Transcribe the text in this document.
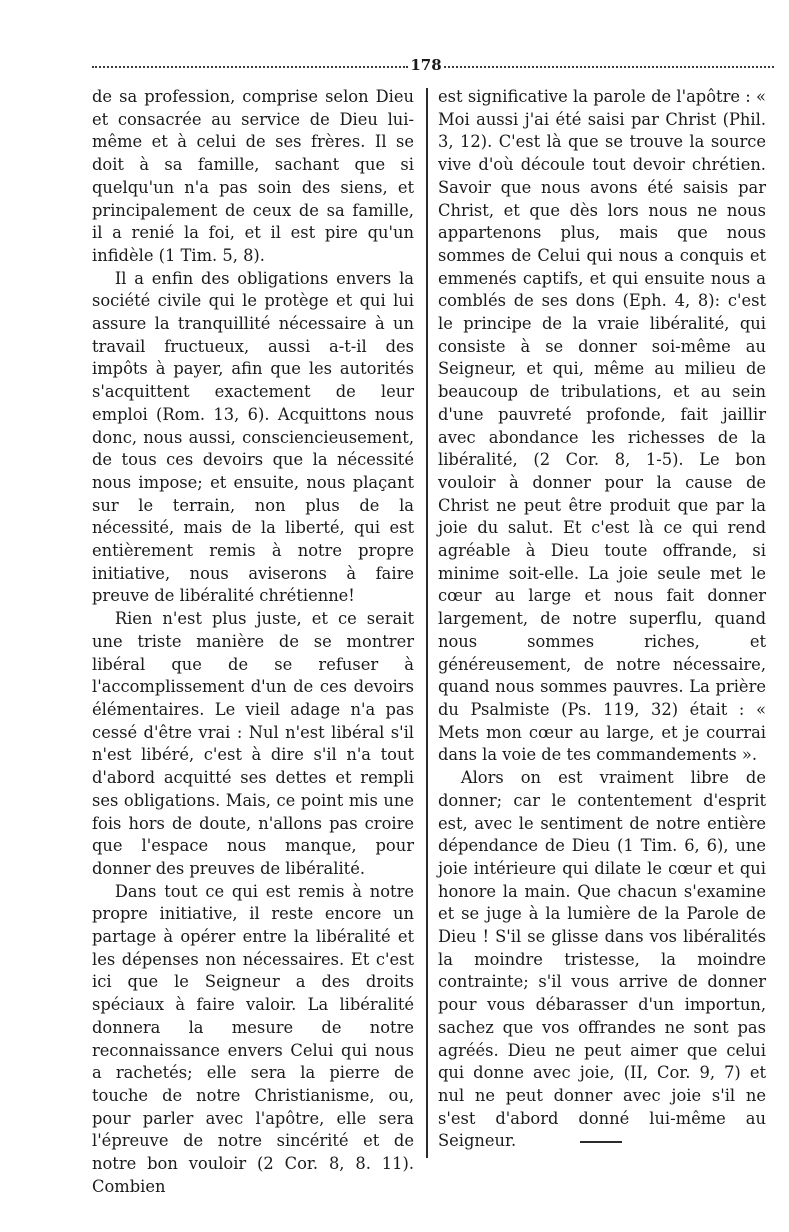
178

de sa profession, comprise selon Dieu et consacrée au service de Dieu lui-même et à celui de ses frères. Il se doit à sa famille, sachant que si quelqu'un n'a pas soin des siens, et principalement de ceux de sa famille, il a renié la foi, et il est pire qu'un infidèle (1 Tim. 5, 8).

Il a enfin des obligations envers la société civile qui le protège et qui lui assure la tranquillité nécessaire à un travail fructueux, aussi a-t-il des impôts à payer, afin que les autorités s'acquittent exactement de leur emploi (Rom. 13, 6). Acquittons nous donc, nous aussi, consciencieusement, de tous ces devoirs que la nécessité nous impose; et ensuite, nous plaçant sur le terrain, non plus de la nécessité, mais de la liberté, qui est entièrement remis à notre propre initiative, nous aviserons à faire preuve de libéralité chrétienne!

Rien n'est plus juste, et ce serait une triste manière de se montrer libéral que de se refuser à l'accomplissement d'un de ces devoirs élémentaires. Le vieil adage n'a pas cessé d'être vrai : Nul n'est libéral s'il n'est libéré, c'est à dire s'il n'a tout d'abord acquitté ses dettes et rempli ses obligations. Mais, ce point mis une fois hors de doute, n'allons pas croire que l'espace nous manque, pour donner des preuves de libéralité.

Dans tout ce qui est remis à notre propre initiative, il reste encore un partage à opérer entre la libéralité et les dépenses non nécessaires. Et c'est ici que le Seigneur a des droits spéciaux à faire valoir. La libéralité donnera la mesure de notre reconnaissance envers Celui qui nous a rachetés; elle sera la pierre de touche de notre Christianisme, ou, pour parler avec l'apôtre, elle sera l'épreuve de notre sincérité et de notre bon vouloir (2 Cor. 8, 8. 11). Combien

est significative la parole de l'apôtre : « Moi aussi j'ai été saisi par Christ (Phil. 3, 12). C'est là que se trouve la source vive d'où découle tout devoir chrétien. Savoir que nous avons été saisis par Christ, et que dès lors nous ne nous appartenons plus, mais que nous sommes de Celui qui nous a conquis et emmenés captifs, et qui ensuite nous a comblés de ses dons (Eph. 4, 8): c'est le principe de la vraie libéralité, qui consiste à se donner soi-même au Seigneur, et qui, même au milieu de beaucoup de tribulations, et au sein d'une pauvreté profonde, fait jaillir avec abondance les richesses de la libéralité, (2 Cor. 8, 1-5). Le bon vouloir à donner pour la cause de Christ ne peut être produit que par la joie du salut. Et c'est là ce qui rend agréable à Dieu toute offrande, si minime soit-elle. La joie seule met le cœur au large et nous fait donner largement, de notre superflu, quand nous sommes riches, et généreusement, de notre nécessaire, quand nous sommes pauvres. La prière du Psalmiste (Ps. 119, 32) était : « Mets mon cœur au large, et je courrai dans la voie de tes commandements ».

Alors on est vraiment libre de donner; car le contentement d'esprit est, avec le sentiment de notre entière dépendance de Dieu (1 Tim. 6, 6), une joie intérieure qui dilate le cœur et qui honore la main. Que chacun s'examine et se juge à la lumière de la Parole de Dieu ! S'il se glisse dans vos libéralités la moindre tristesse, la moindre contrainte; s'il vous arrive de donner pour vous débarasser d'un importun, sachez que vos offrandes ne sont pas agréés. Dieu ne peut aimer que celui qui donne avec joie, (II, Cor. 9, 7) et nul ne peut donner avec joie s'il ne s'est d'abord donné lui-même au Seigneur.
